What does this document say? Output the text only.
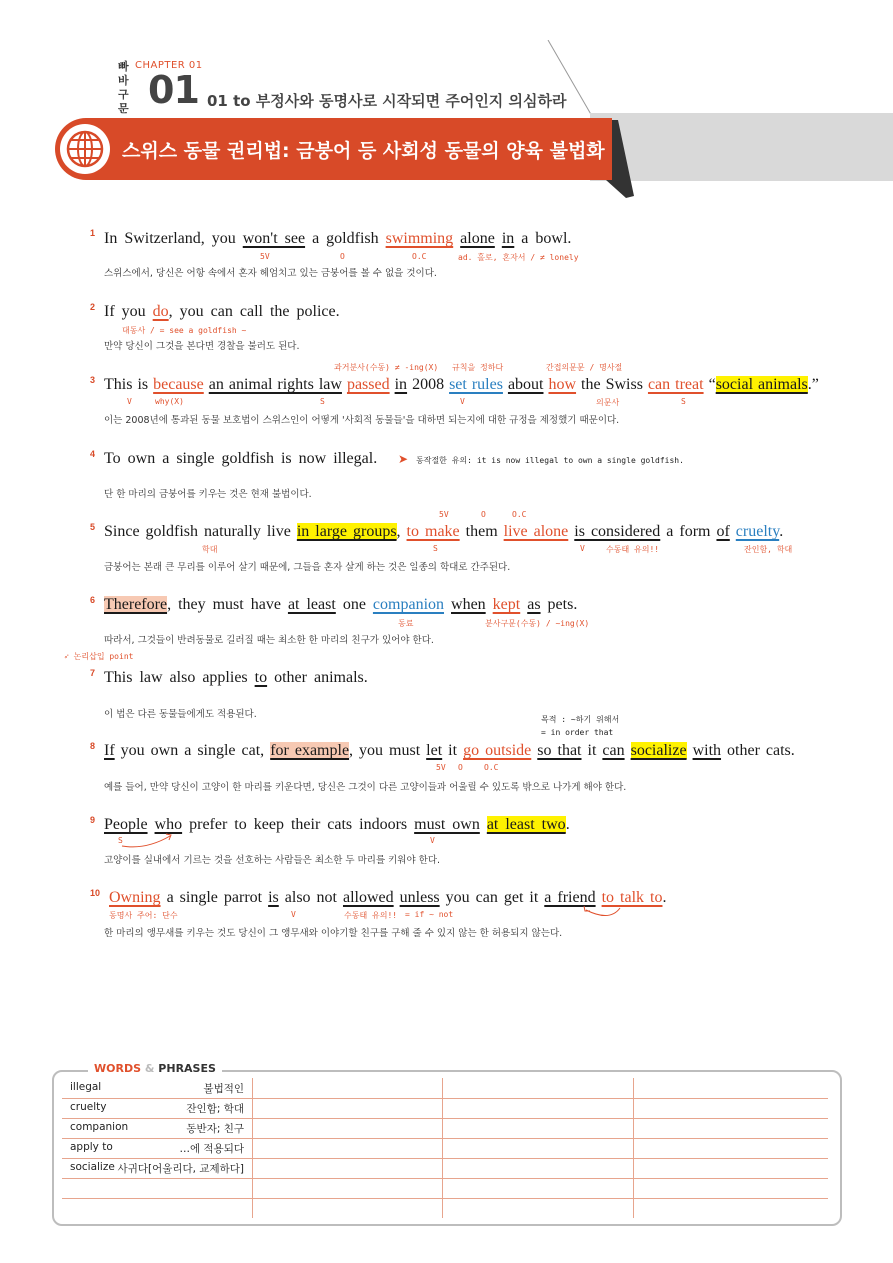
빠
바
구
문
CHAPTER 01
01 01 to 부정사와 동명사로 시작되면 주어인지 의심하라
스위스 동물 권리법: 금붕어 등 사회성 동물의 양육 불법화
1 In Switzerland, you won't see a goldfish swimming alone in a bowl.
5V	O	O.C	ad. 홀로, 혼자서 / ≠ lonely
스위스에서, 당신은 어항 속에서 혼자 헤엄치고 있는 금붕어를 볼 수 없을 것이다.
2 If you do, you can call the police.
대동사 / = see a goldfish ~
만약 당신이 그것을 본다면 경찰을 불러도 된다.
과거분사(수동) ≠ -ing(X) 규칙을 정하다	간접의문문 / 명사절
3 This is because an animal rights law passed in 2008 set rules about how the Swiss can treat “social animals.”
V	why(X)	S	V	의문사	S
이는 2008년에 통과된 동물 보호법이 스위스인이 어떻게 '사회적 동물들'을 대하면 되는지에 대한 규정을 제정했기 때문이다.
4 To own a single goldfish is now illegal. ➤ 동작절한 유의: it is now illegal to own a single goldfish.
단 한 마리의 금붕어를 키우는 것은 현재 불법이다.
5V	O	O.C
5 Since goldfish naturally live in large groups, to make them live alone is considered a form of cruelty.
학대	S	V	수동태 유의!!	잔인함, 학대
금붕어는 본래 큰 무리를 이루어 살기 때문에, 그들을 혼자 살게 하는 것은 일종의 학대로 간주된다.
6 Therefore, they must have at least one companion when kept as pets.
동료	분사구문(수동) / ~ing(X)
따라서, 그것들이 반려동물로 길러질 때는 최소한 한 마리의 친구가 있어야 한다.
➶ 논리삽입 point
7 This law also applies to other animals.
이 법은 다른 동물들에게도 적용된다.	목적 : ~하기 위해서
= in order that
8 If you own a single cat, for example, you must let it go outside so that it can socialize with other cats.
5V O	O.C
예를 들어, 만약 당신이 고양이 한 마리를 키운다면, 당신은 그것이 다른 고양이들과 어울릴 수 있도록 밖으로 나가게 해야 한다.
9 People who prefer to keep their cats indoors must own at least two.
S	V
고양이를 실내에서 기르는 것을 선호하는 사람들은 최소한 두 마리를 키워야 한다.
10 Owning a single parrot is also not allowed unless you can get it a friend to talk to.
동명사 주어: 단수	V	수동태 유의!! = if ~ not
한 마리의 앵무새를 키우는 것도 당신이 그 앵무새와 이야기할 친구를 구해 줄 수 있지 않는 한 허용되지 않는다.
WORDS & PHRASES
illegal	불법적인
cruelty	잔인함; 학대
companion	동반자; 친구
apply to	…에 적용되다
socialize 사귀다[어울리다, 교제하다]
